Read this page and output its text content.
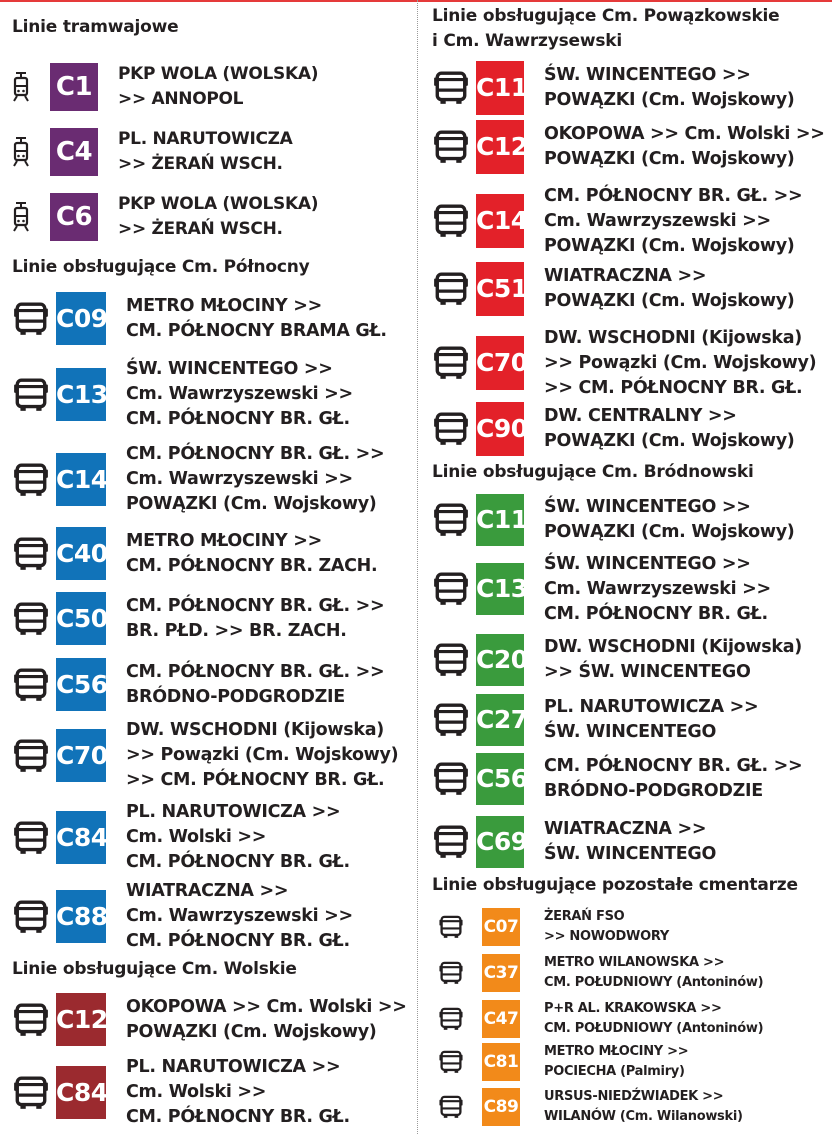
Linie tramwajowe
C1	PKP WOLA (WOLSKA)
>> ANNOPOL
C4	PL. NARUTOWICZA
>> ŻERAŃ WSCH.
C6	PKP WOLA (WOLSKA)
>> ŻERAŃ WSCH.
Linie obsługujące Cm. Północny
C09 METRO MŁOCINY >>
CM. PÓŁNOCNY BRAMA GŁ.
C13
ŚW. WINCENTEGO >>
Cm. Wawrzyszewski >>
CM. PÓŁNOCNY BR. GŁ.
C14
CM. PÓŁNOCNY BR. GŁ. >>
Cm. Wawrzyszewski >>
POWĄZKI (Cm. Wojskowy)
C40 METRO MŁOCINY >>
CM. PÓŁNOCNY BR. ZACH.
C50 CM. PÓŁNOCNY BR. GŁ. >>
BR. PŁD. >> BR. ZACH.
C56 CM. PÓŁNOCNY BR. GŁ. >>
BRÓDNO-PODGRODZIE
C70
DW. WSCHODNI (Kijowska)
>> Powązki (Cm. Wojskowy)
>> CM. PÓŁNOCNY BR. GŁ.
C84
PL. NARUTOWICZA >>
Cm. Wolski >>
CM. PÓŁNOCNY BR. GŁ.
C88
WIATRACZNA >>
Cm. Wawrzyszewski >>
CM. PÓŁNOCNY BR. GŁ.
Linie obsługujące Cm. Wolskie
C12 OKOPOWA >> Cm. Wolski >>
POWĄZKI (Cm. Wojskowy)
C84
PL. NARUTOWICZA >>
Cm. Wolski >>
CM. PÓŁNOCNY BR. GŁ.
Linie obsługujące Cm. Powązkowskie
i Cm. Wawrzysewski
C11 ŚW. WINCENTEGO >>
POWĄZKI (Cm. Wojskowy)
C12 OKOPOWA >> Cm. Wolski >>
POWĄZKI (Cm. Wojskowy)
C14
CM. PÓŁNOCNY BR. GŁ. >>
Cm. Wawrzyszewski >>
POWĄZKI (Cm. Wojskowy)
C51 WIATRACZNA >>
POWĄZKI (Cm. Wojskowy)
C70
DW. WSCHODNI (Kijowska)
>> Powązki (Cm. Wojskowy)
>> CM. PÓŁNOCNY BR. GŁ.
C90 DW. CENTRALNY >>
POWĄZKI (Cm. Wojskowy)
Linie obsługujące Cm. Bródnowski
C11 ŚW. WINCENTEGO >>
POWĄZKI (Cm. Wojskowy)
C13
ŚW. WINCENTEGO >>
Cm. Wawrzyszewski >>
CM. PÓŁNOCNY BR. GŁ.
C20 DW. WSCHODNI (Kijowska)
>> ŚW. WINCENTEGO
C27 PL. NARUTOWICZA >>
ŚW. WINCENTEGO
C56 CM. PÓŁNOCNY BR. GŁ. >>
BRÓDNO-PODGRODZIE
C69 WIATRACZNA >>
ŚW. WINCENTEGO
Linie obsługujące pozostałe cmentarze
C07
ŻERAŃ FSO
>> NOWODWORY
C37
METRO WILANOWSKA >>
CM. POŁUDNIOWY (Antoninów)
C47
P+R AL. KRAKOWSKA >>
CM. POŁUDNIOWY (Antoninów)
C81
METRO MŁOCINY >>
POCIECHA (Palmiry)
C89
URSUS-NIEDŹWIADEK >>
WILANÓW (Cm. Wilanowski)
